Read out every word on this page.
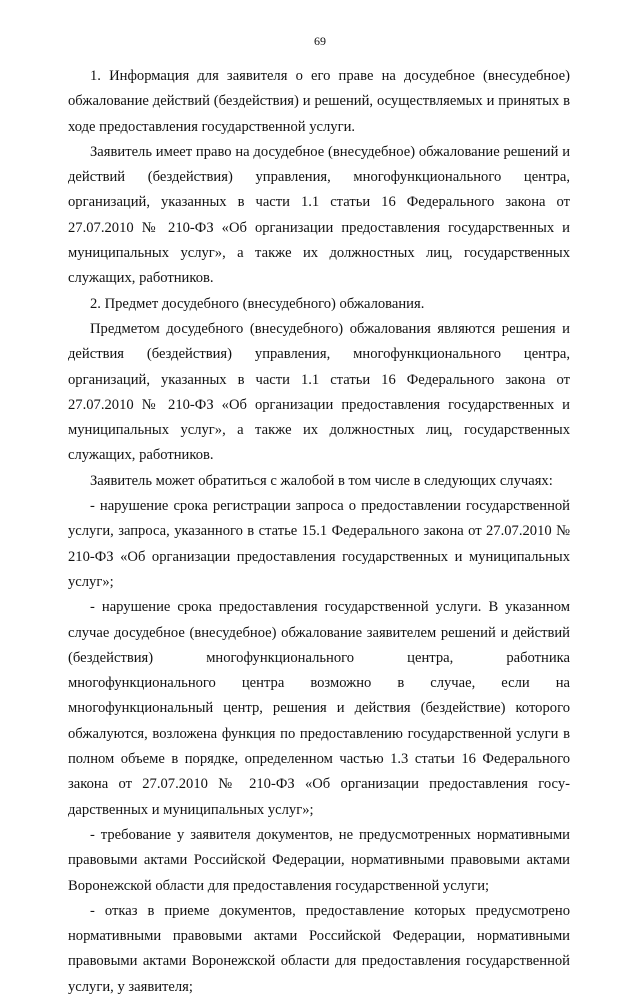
69

1. Информация для заявителя о его праве на досудебное (внесудебное) обжалование действий (бездействия) и решений, осуществляемых и принятых в ходе предоставления государственной услуги.

Заявитель имеет право на досудебное (внесудебное) обжалование решений и действий (бездействия) управления, многофункционального центра, организаций, указанных в части 1.1 статьи 16 Федерального закона от 27.07.2010 № 210-ФЗ «Об организации предоставления государственных и муниципальных услуг», а также их должностных лиц, государственных служащих, работников.

2. Предмет досудебного (внесудебного) обжалования.

Предметом досудебного (внесудебного) обжалования являются решения и действия (бездействия) управления, многофункционального центра, организаций, указанных в части 1.1 статьи 16 Федерального закона от 27.07.2010 № 210-ФЗ «Об организации предоставления государственных и муниципальных услуг», а также их должностных лиц, государственных служащих, работников.

Заявитель может обратиться с жалобой в том числе в следующих случаях:

- нарушение срока регистрации запроса о предоставлении государственной услуги, запроса, указанного в статье 15.1 Федерального закона от 27.07.2010 № 210-ФЗ «Об организации предоставления государственных и муниципальных услуг»;

- нарушение срока предоставления государственной услуги. В указанном случае досудебное (внесудебное) обжалование заявителем решений и действий (бездействия) многофункционального центра, работника многофункционального центра возможно в случае, если на многофункциональный центр, решения и действия (бездействие) которого обжалуются, возложена функция по предоставлению государственной услуги в полном объеме в порядке, определенном частью 1.3 статьи 16 Федерального закона от 27.07.2010 № 210-ФЗ «Об организации предоставления государственных и муниципальных услуг»;

- требование у заявителя документов, не предусмотренных нормативными правовыми актами Российской Федерации, нормативными правовыми актами Воронежской области для предоставления государственной услуги;

- отказ в приеме документов, предоставление которых предусмотрено нормативными правовыми актами Российской Федерации, нормативными правовыми актами Воронежской области для предоставления государственной услуги, у заявителя;
